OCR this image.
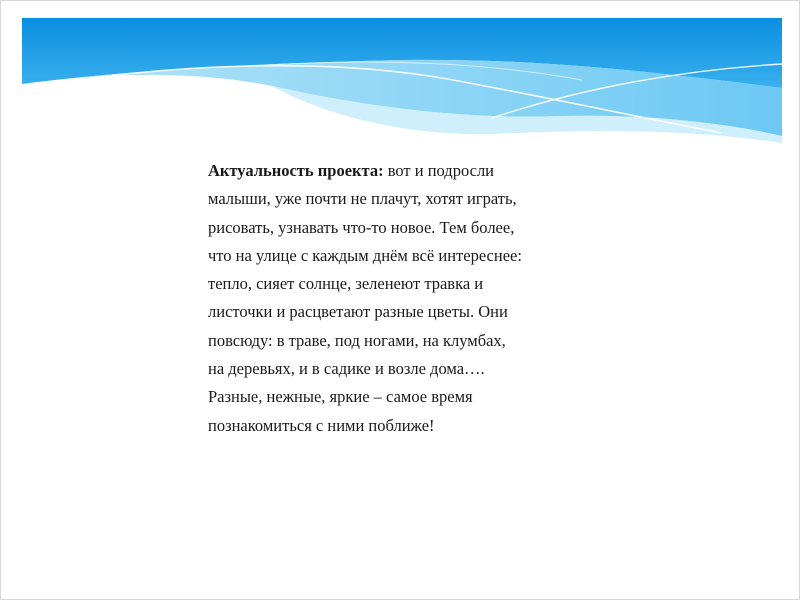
Актуальность проекта: вот и подросли
малыши, уже почти не плачут, хотят играть,
рисовать, узнавать что-то новое. Тем более,
что на улице с каждым днём всё интереснее:
тепло, сияет солнце, зеленеют травка и
листочки и расцветают разные цветы. Они
повсюду: в траве, под ногами, на клумбах,
на деревьях, и в садике и возле дома….
Разные, нежные, яркие – самое время
познакомиться с ними поближе!
